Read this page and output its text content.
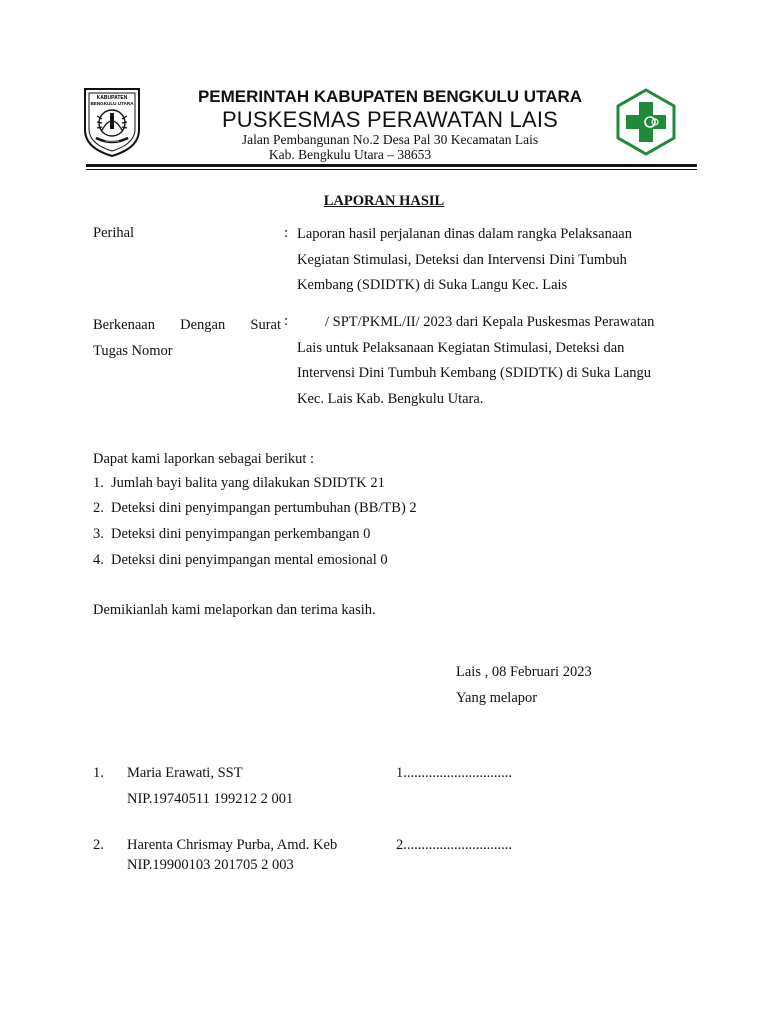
KABUPATEN
BENGKULU UTARA
SEKATA
PEMERINTAH KABUPATEN BENGKULU UTARA
PUSKESMAS PERAWATAN LAIS
Jalan Pembangunan No.2 Desa Pal 30 Kecamatan Lais
Kab. Bengkulu Utara – 38653
LAPORAN HASIL
Perihal	: Laporan hasil perjalanan dinas dalam rangka Pelaksanaan
Kegiatan Stimulasi, Deteksi dan Intervensi Dini Tumbuh
Kembang (SDIDTK) di Suka Langu Kec. Lais
Berkenaan Dengan Surat
Tugas Nomor
:	/ SPT/PKML/II/ 2023 dari Kepala Puskesmas Perawatan
Lais untuk Pelaksanaan Kegiatan Stimulasi, Deteksi dan
Intervensi Dini Tumbuh Kembang (SDIDTK) di Suka Langu
Kec. Lais Kab. Bengkulu Utara.
Dapat kami laporkan sebagai berikut :
1. Jumlah bayi balita yang dilakukan SDIDTK 21
2. Deteksi dini penyimpangan pertumbuhan (BB/TB) 2
3. Deteksi dini penyimpangan perkembangan 0
4. Deteksi dini penyimpangan mental emosional 0
Demikianlah kami melaporkan dan terima kasih.
Lais , 08 Februari 2023
Yang melapor
1. Maria Erawati, SST	1..............................
NIP.19740511 199212 2 001
2. Harenta Chrismay Purba, Amd. Keb	2..............................
NIP.19900103 201705 2 003
